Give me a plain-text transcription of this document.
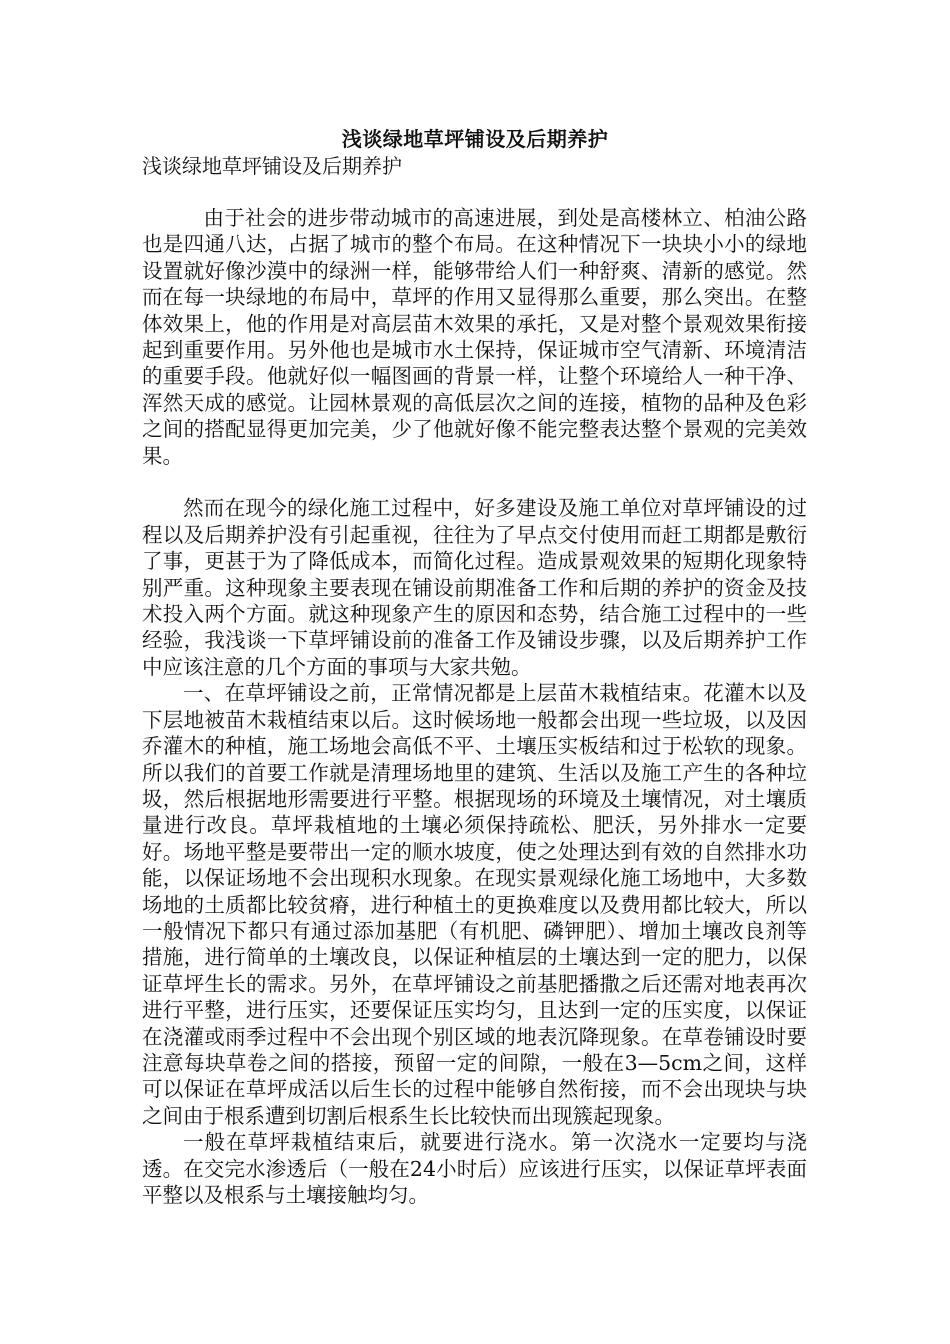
浅谈绿地草坪铺设及后期养护
浅谈绿地草坪铺设及后期养护

由于社会的进步带动城市的高速进展，到处是高楼林立、柏油公路也是四通八达，占据了城市的整个布局。在这种情况下一块块小小的绿地设置就好像沙漠中的绿洲一样，能够带给人们一种舒爽、清新的感觉。然而在每一块绿地的布局中，草坪的作用又显得那么重要，那么突出。在整体效果上，他的作用是对高层苗木效果的承托，又是对整个景观效果衔接起到重要作用。另外他也是城市水土保持，保证城市空气清新、环境清洁的重要手段。他就好似一幅图画的背景一样，让整个环境给人一种干净、浑然天成的感觉。让园林景观的高低层次之间的连接，植物的品种及色彩之间的搭配显得更加完美，少了他就好像不能完整表达整个景观的完美效果。

然而在现今的绿化施工过程中，好多建设及施工单位对草坪铺设的过程以及后期养护没有引起重视，往往为了早点交付使用而赶工期都是敷衍了事，更甚于为了降低成本，而简化过程。造成景观效果的短期化现象特别严重。这种现象主要表现在铺设前期准备工作和后期的养护的资金及技术投入两个方面。就这种现象产生的原因和态势，结合施工过程中的一些经验，我浅谈一下草坪铺设前的准备工作及铺设步骤，以及后期养护工作中应该注意的几个方面的事项与大家共勉。

一、在草坪铺设之前，正常情况都是上层苗木栽植结束。花灌木以及下层地被苗木栽植结束以后。这时候场地一般都会出现一些垃圾，以及因乔灌木的种植，施工场地会高低不平、土壤压实板结和过于松软的现象。所以我们的首要工作就是清理场地里的建筑、生活以及施工产生的各种垃圾，然后根据地形需要进行平整。根据现场的环境及土壤情况，对土壤质量进行改良。草坪栽植地的土壤必须保持疏松、肥沃，另外排水一定要好。场地平整是要带出一定的顺水坡度，使之处理达到有效的自然排水功能，以保证场地不会出现积水现象。在现实景观绿化施工场地中，大多数场地的土质都比较贫瘠，进行种植土的更换难度以及费用都比较大，所以一般情况下都只有通过添加基肥（有机肥、磷钾肥）、增加土壤改良剂等措施，进行简单的土壤改良，以保证种植层的土壤达到一定的肥力，以保证草坪生长的需求。另外，在草坪铺设之前基肥播撒之后还需对地表再次进行平整，进行压实，还要保证压实均匀，且达到一定的压实度，以保证在浇灌或雨季过程中不会出现个别区域的地表沉降现象。在草卷铺设时要注意每块草卷之间的搭接，预留一定的间隙，一般在3—5cm之间，这样可以保证在草坪成活以后生长的过程中能够自然衔接，而不会出现块与块之间由于根系遭到切割后根系生长比较快而出现簇起现象。

一般在草坪栽植结束后，就要进行浇水。第一次浇水一定要均与浇透。在交完水渗透后（一般在24小时后）应该进行压实，以保证草坪表面平整以及根系与土壤接触均匀。
